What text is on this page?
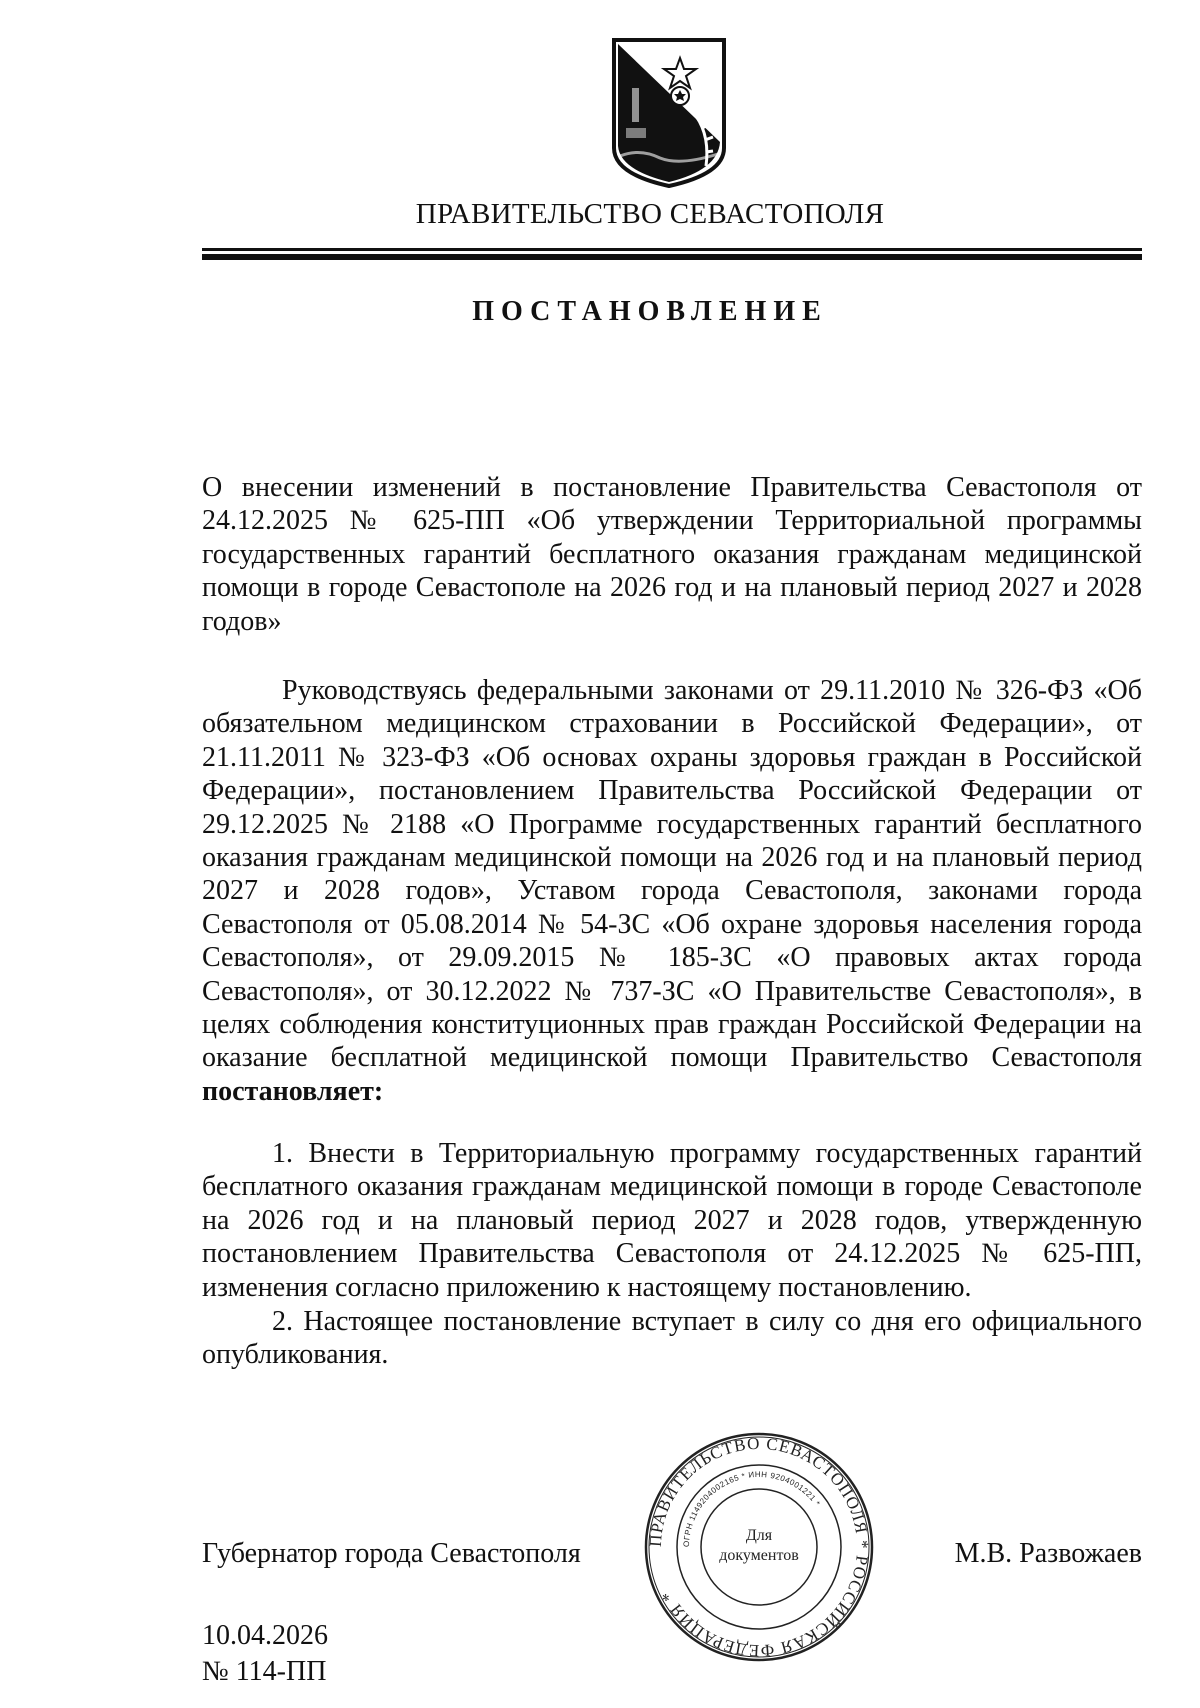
ПРАВИТЕЛЬСТВО СЕВАСТОПОЛЯ
ПОСТАНОВЛЕНИЕ
О внесении изменений в постановление Правительства Севастополя от 24.12.2025 № 625-ПП «Об утверждении Территориальной программы государственных гарантий бесплатного оказания гражданам медицинской помощи в городе Севастополе на 2026 год и на плановый период 2027 и 2028 годов»
Руководствуясь федеральными законами от 29.11.2010 № 326-ФЗ «Об обязательном медицинском страховании в Российской Федерации», от 21.11.2011 № 323-ФЗ «Об основах охраны здоровья граждан в Российской Федерации», постановлением Правительства Российской Федерации от 29.12.2025 № 2188 «О Программе государственных гарантий бесплатного оказания гражданам медицинской помощи на 2026 год и на плановый период 2027 и 2028 годов», Уставом города Севастополя, законами города Севастополя от 05.08.2014 № 54-ЗС «Об охране здоровья населения города Севастополя», от 29.09.2015 № 185-ЗС «О правовых актах города Севастополя», от 30.12.2022 № 737-ЗС «О Правительстве Севастополя», в целях соблюдения конституционных прав граждан Российской Федерации на оказание бесплатной медицинской помощи Правительство Севастополя постановляет:
1. Внести в Территориальную программу государственных гарантий бесплатного оказания гражданам медицинской помощи в городе Севастополе на 2026 год и на плановый период 2027 и 2028 годов, утвержденную постановлением Правительства Севастополя от 24.12.2025 № 625-ПП, изменения согласно приложению к настоящему постановлению.
2. Настоящее постановление вступает в силу со дня его официального опубликования.
Губернатор города Севастополя	М.В. Развожаев
ПРАВИТЕЛЬСТВО СЕВАСТОПОЛЯ * РОССИЙСКАЯ ФЕДЕРАЦИЯ *
ОГРН 1149204002165 * ИНН 9204001221 *
Для
документов
10.04.2026
№ 114-ПП
